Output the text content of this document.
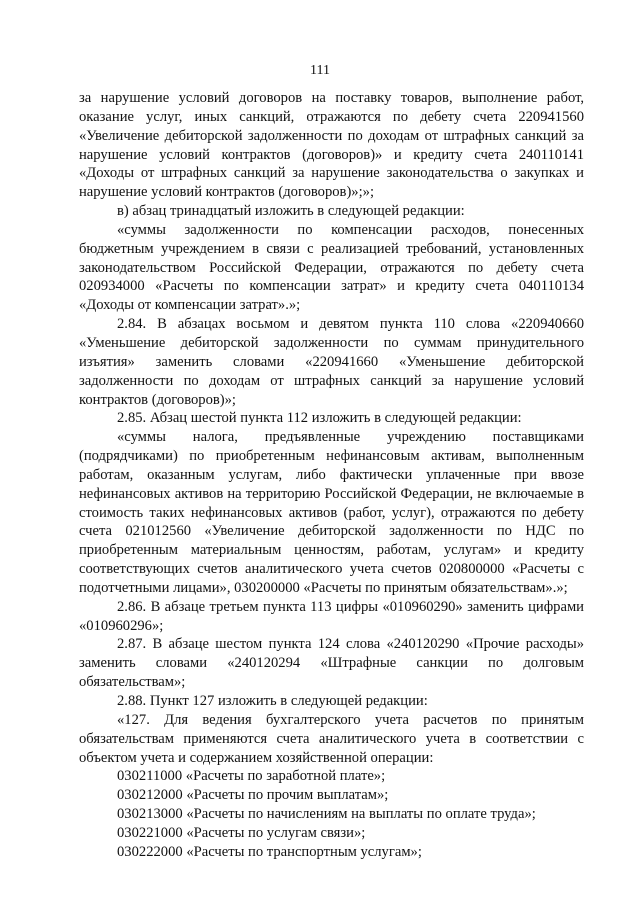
111

за нарушение условий договоров на поставку товаров, выполнение работ, оказание услуг, иных санкций, отражаются по дебету счета 220941560 «Увеличение дебиторской задолженности по доходам от штрафных санкций за нарушение условий контрактов (договоров)» и кредиту счета 240110141 «Доходы от штрафных санкций за нарушение законодательства о закупках и нарушение условий контрактов (договоров)»;»;

в) абзац тринадцатый изложить в следующей редакции:

«суммы задолженности по компенсации расходов, понесенных бюджетным учреждением в связи с реализацией требований, установленных законодательством Российской Федерации, отражаются по дебету счета 020934000 «Расчеты по компенсации затрат» и кредиту счета 040110134 «Доходы от компенсации затрат».»;

2.84. В абзацах восьмом и девятом пункта 110 слова «220940660 «Уменьшение дебиторской задолженности по суммам принудительного изъятия» заменить словами «220941660 «Уменьшение дебиторской задолженности по доходам от штрафных санкций за нарушение условий контрактов (договоров)»;

2.85. Абзац шестой пункта 112 изложить в следующей редакции:

«суммы налога, предъявленные учреждению поставщиками (подрядчиками) по приобретенным нефинансовым активам, выполненным работам, оказанным услугам, либо фактически уплаченные при ввозе нефинансовых активов на территорию Российской Федерации, не включаемые в стоимость таких нефинансовых активов (работ, услуг), отражаются по дебету счета 021012560 «Увеличение дебиторской задолженности по НДС по приобретенным материальным ценностям, работам, услугам» и кредиту соответствующих счетов аналитического учета счетов 020800000 «Расчеты с подотчетными лицами», 030200000 «Расчеты по принятым обязательствам».»;

2.86. В абзаце третьем пункта 113 цифры «010960290» заменить цифрами «010960296»;

2.87. В абзаце шестом пункта 124 слова «240120290 «Прочие расходы» заменить словами «240120294 «Штрафные санкции по долговым обязательствам»;

2.88. Пункт 127 изложить в следующей редакции:

«127. Для ведения бухгалтерского учета расчетов по принятым обязательствам применяются счета аналитического учета в соответствии с объектом учета и содержанием хозяйственной операции:

030211000 «Расчеты по заработной плате»;

030212000 «Расчеты по прочим выплатам»;

030213000 «Расчеты по начислениям на выплаты по оплате труда»;

030221000 «Расчеты по услугам связи»;

030222000 «Расчеты по транспортным услугам»;
